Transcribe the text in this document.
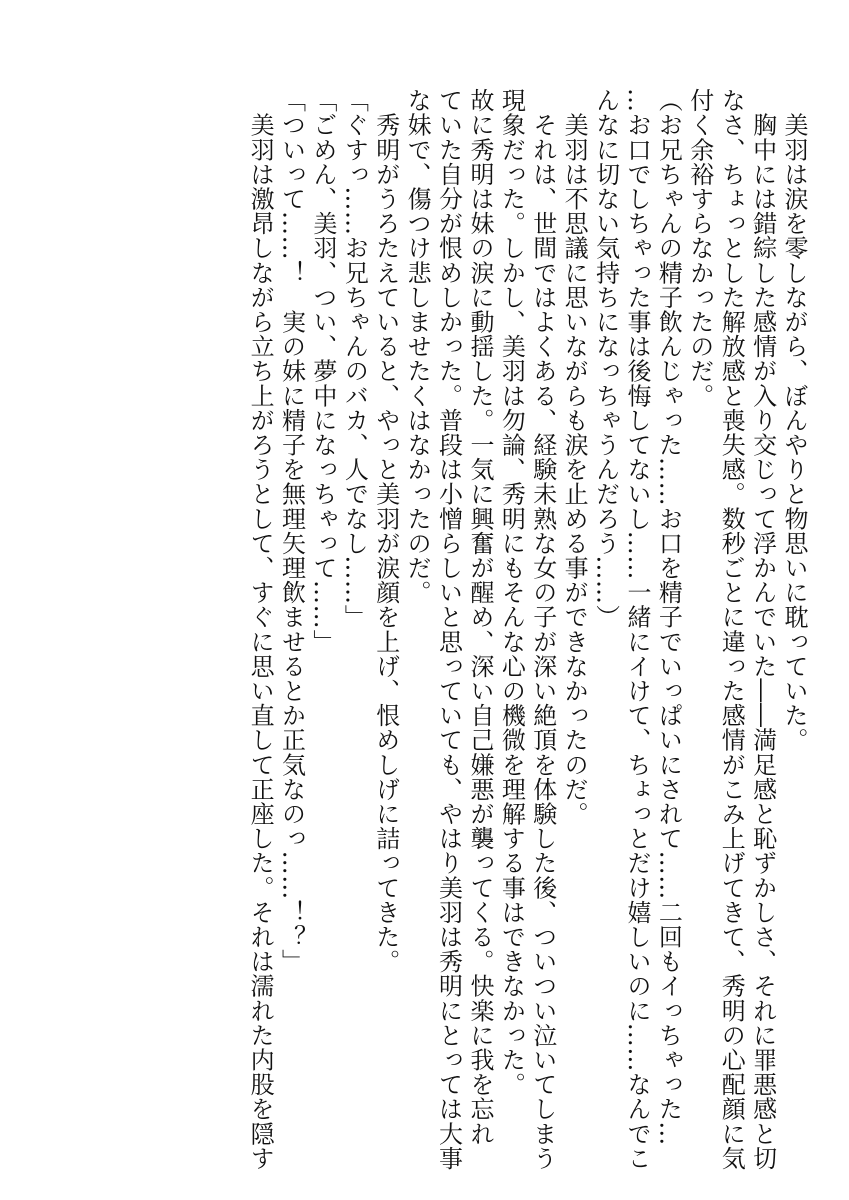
　美羽は涙を零しながら、ぼんやりと物思いに耽っていた。
　胸中には錯綜した感情が入り交じって浮かんでいた――満足感と恥ずかしさ、それに罪悪感と切
なさ、ちょっとした解放感と喪失感。数秒ごとに違った感情がこみ上げてきて、秀明の心配顔に気
付く余裕すらなかったのだ。
（お兄ちゃんの精子飲んじゃった……お口を精子でいっぱいにされて……二回もイっちゃった…
…お口でしちゃった事は後悔してないし……一緒にイけて、ちょっとだけ嬉しいのに……なんでこ
んなに切ない気持ちになっちゃうんだろう……）
　美羽は不思議に思いながらも涙を止める事ができなかったのだ。
　それは、世間ではよくある、経験未熟な女の子が深い絶頂を体験した後、ついつい泣いてしまう
現象だった。しかし、美羽は勿論、秀明にもそんな心の機微を理解する事はできなかった。
故に秀明は妹の涙に動揺した。一気に興奮が醒め、深い自己嫌悪が襲ってくる。快楽に我を忘れ
ていた自分が恨めしかった。普段は小憎らしいと思っていても、やはり美羽は秀明にとっては大事
な妹で、傷つけ悲しませたくはなかったのだ。
　秀明がうろたえていると、やっと美羽が涙顔を上げ、恨めしげに詰ってきた。
「ぐすっ……お兄ちゃんのバカ、人でなし……」
「ごめん、美羽、つい、夢中になっちゃって……」
「ついって……！　実の妹に精子を無理矢理飲ませるとか正気なのっ……！？」
　美羽は激昂しながら立ち上がろうとして、すぐに思い直して正座した。それは濡れた内股を隠す
